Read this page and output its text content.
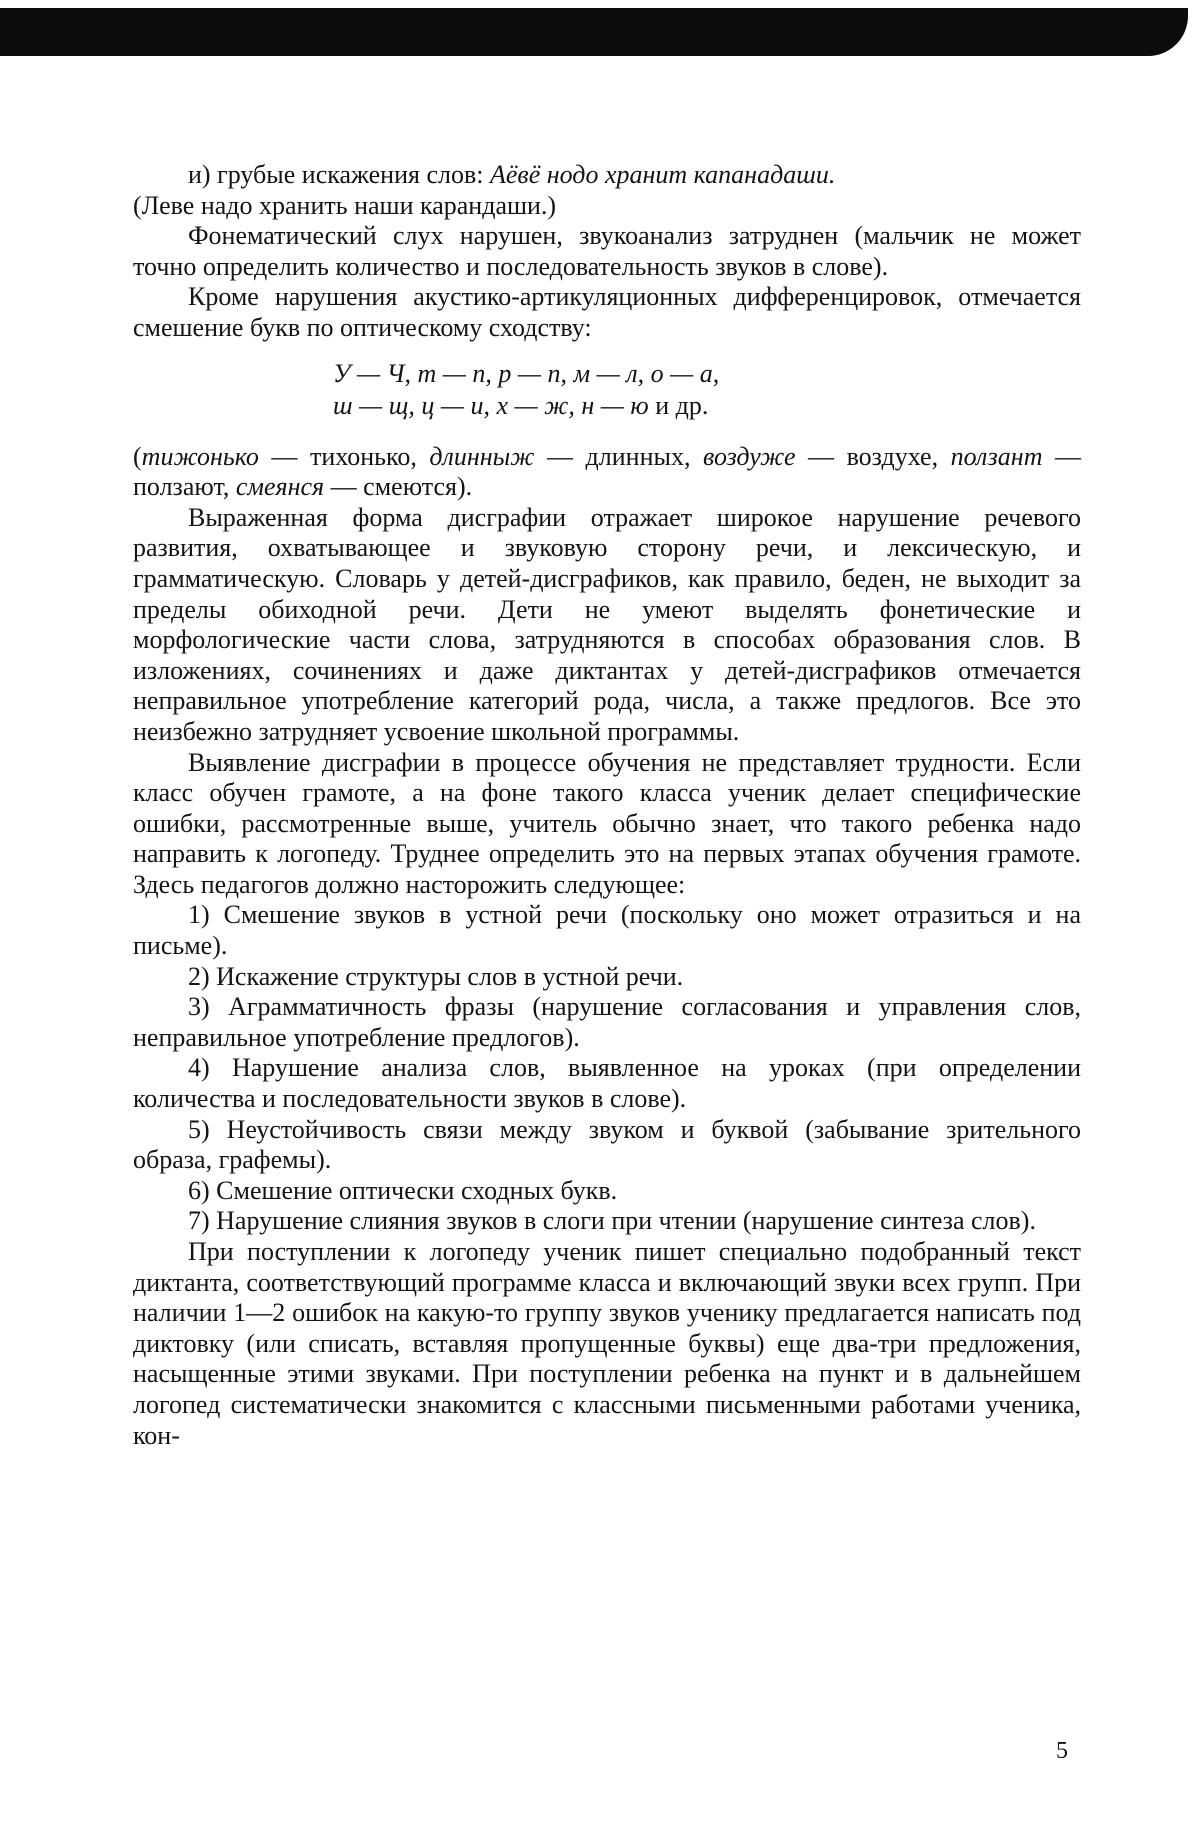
и) грубые искажения слов: Аёвё нодо хранит капанадаши.
(Леве надо хранить наши карандаши.)

Фонематический слух нарушен, звукоанализ затруднен (мальчик не может точно определить количество и последовательность звуков в слове).

Кроме нарушения акустико-артикуляционных дифференцировок, отмечается смешение букв по оптическому сходству:

У — Ч, т — п, р — п, м — л, о — а,
ш — щ, ц — и, х — ж, н — ю и др.

(тижонько — тихонько, длинныж — длинных, воздуже — воздухе, ползант — ползают, смеянся — смеются).

Выраженная форма дисграфии отражает широкое нарушение речевого развития, охватывающее и звуковую сторону речи, и лексическую, и грамматическую. Словарь у детей-дисграфиков, как правило, беден, не выходит за пределы обиходной речи. Дети не умеют выделять фонетические и морфологические части слова, затрудняются в способах образования слов. В изложениях, сочинениях и даже диктантах у детей-дисграфиков отмечается неправильное употребление категорий рода, числа, а также предлогов. Все это неизбежно затрудняет усвоение школьной программы.

Выявление дисграфии в процессе обучения не представляет трудности. Если класс обучен грамоте, а на фоне такого класса ученик делает специфические ошибки, рассмотренные выше, учитель обычно знает, что такого ребенка надо направить к логопеду. Труднее определить это на первых этапах обучения грамоте. Здесь педагогов должно насторожить следующее:

1) Смешение звуков в устной речи (поскольку оно может отразиться и на письме).

2) Искажение структуры слов в устной речи.

3) Аграмматичность фразы (нарушение согласования и управления слов, неправильное употребление предлогов).

4) Нарушение анализа слов, выявленное на уроках (при определении количества и последовательности звуков в слове).

5) Неустойчивость связи между звуком и буквой (забывание зрительного образа, графемы).

6) Смешение оптически сходных букв.

7) Нарушение слияния звуков в слоги при чтении (нарушение синтеза слов).

При поступлении к логопеду ученик пишет специально подобранный текст диктанта, соответствующий программе класса и включающий звуки всех групп. При наличии 1—2 ошибок на какую-то группу звуков ученику предлагается написать под диктовку (или списать, вставляя пропущенные буквы) еще два-три предложения, насыщенные этими звуками. При поступлении ребенка на пункт и в дальнейшем логопед систематически знакомится с классными письменными работами ученика, кон-

5
